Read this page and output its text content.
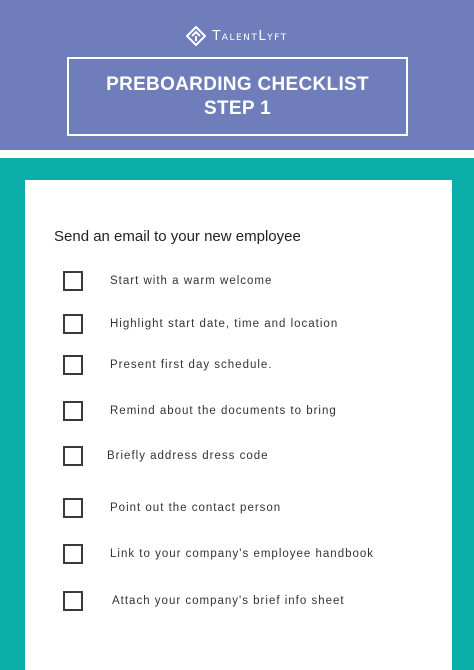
TalentLyft
PREBOARDING CHECKLIST
STEP 1
Send an email to your new employee
Start with a warm welcome
Highlight start date, time and location
Present first day schedule.
Remind about the documents to bring
Briefly address dress code
Point out the contact person
Link to your company's employee handbook
Attach your company's brief info sheet
